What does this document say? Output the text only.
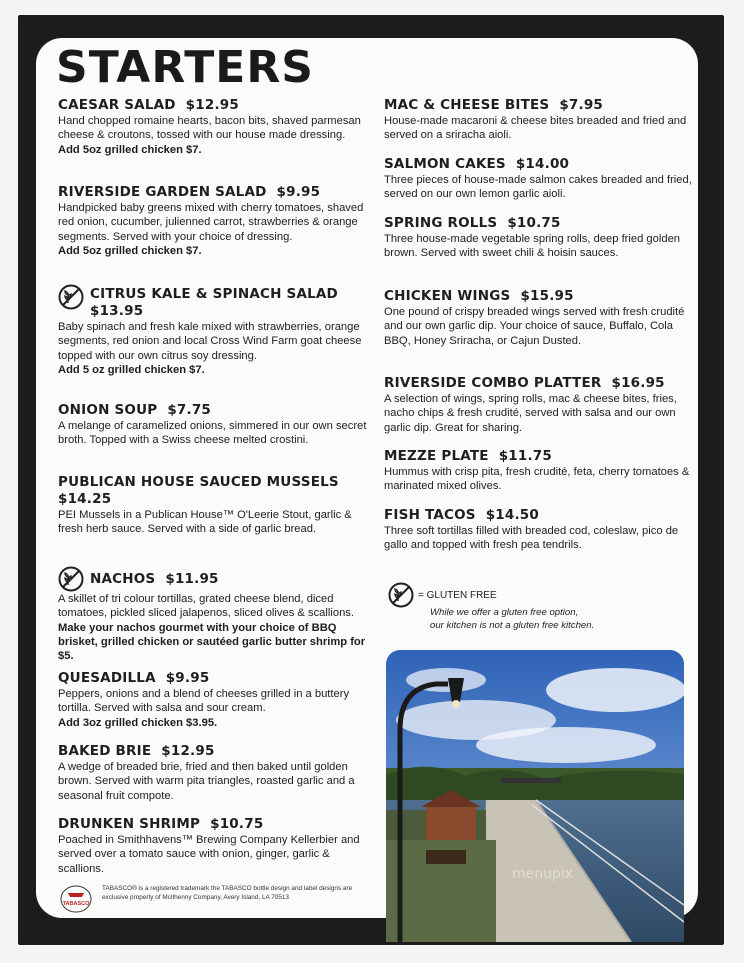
STARTERS
CAESAR SALAD $12.95
Hand chopped romaine hearts, bacon bits, shaved parmesan cheese & croutons, tossed with our house made dressing.
Add 5oz grilled chicken $7.
RIVERSIDE GARDEN SALAD $9.95
Handpicked baby greens mixed with cherry tomatoes, shaved red onion, cucumber, julienned carrot, strawberries & orange segments. Served with your choice of dressing.
Add 5oz grilled chicken $7.
CITRUS KALE & SPINACH SALAD
$13.95
Baby spinach and fresh kale mixed with strawberries, orange segments, red onion and local Cross Wind Farm goat cheese topped with our own citrus soy dressing.
Add 5 oz grilled chicken $7.
ONION SOUP $7.75
A melange of caramelized onions, simmered in our own secret broth. Topped with a Swiss cheese melted crostini.
PUBLICAN HOUSE SAUCED MUSSELS
$14.25
PEI Mussels in a Publican House™ O'Leerie Stout, garlic & fresh herb sauce. Served with a side of garlic bread.
NACHOS $11.95
A skillet of tri colour tortillas, grated cheese blend, diced tomatoes, pickled sliced jalapenos, sliced olives & scallions.
Make your nachos gourmet with your choice of BBQ brisket, grilled chicken or sautéed garlic butter shrimp for $5.
QUESADILLA $9.95
Peppers, onions and a blend of cheeses grilled in a buttery tortilla. Served with salsa and sour cream.
Add 3oz grilled chicken $3.95.
BAKED BRIE $12.95
A wedge of breaded brie, fried and then baked until golden brown. Served with warm pita triangles, roasted garlic and a seasonal fruit compote.
DRUNKEN SHRIMP $10.75
Poached in Smithhavens™ Brewing Company Kellerbier and served over a tomato sauce with onion, ginger, garlic & scallions.
MAC & CHEESE BITES $7.95
House-made macaroni & cheese bites breaded and fried and served on a sriracha aioli.
SALMON CAKES $14.00
Three pieces of house-made salmon cakes breaded and fried, served on our own lemon garlic aioli.
SPRING ROLLS $10.75
Three house-made vegetable spring rolls, deep fried golden brown. Served with sweet chili & hoisin sauces.
CHICKEN WINGS $15.95
One pound of crispy breaded wings served with fresh crudité and our own garlic dip. Your choice of sauce, Buffalo, Cola BBQ, Honey Sriracha, or Cajun Dusted.
RIVERSIDE COMBO PLATTER $16.95
A selection of wings, spring rolls, mac & cheese bites, fries, nacho chips & fresh crudité, served with salsa and our own garlic dip. Great for sharing.
MEZZE PLATE $11.75
Hummus with crisp pita, fresh crudité, feta, cherry tomatoes & marinated mixed olives.
FISH TACOS $14.50
Three soft tortillas filled with breaded cod, coleslaw, pico de gallo and topped with fresh pea tendrils.
= GLUTEN FREE
While we offer a gluten free option,
our kitchen is not a gluten free kitchen.
menupix
TABASCO
TABASCO® is a registered trademark the TABASCO bottle design and label designs are exclusive property of McIlhenny Company, Avery Island, LA 70513
